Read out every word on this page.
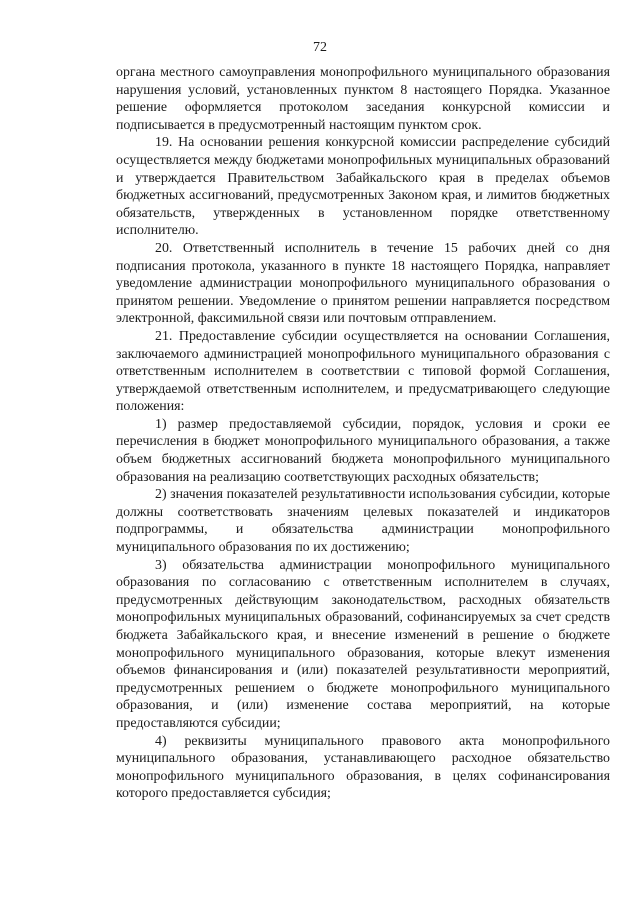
72

органа местного самоуправления монопрофильного муниципального образования нарушения условий, установленных пунктом 8 настоящего Порядка. Указанное решение оформляется протоколом заседания конкурсной комиссии и подписывается в предусмотренный настоящим пунктом срок.

19. На основании решения конкурсной комиссии распределение субсидий осуществляется между бюджетами монопрофильных муниципальных образований и утверждается Правительством Забайкальского края в пределах объемов бюджетных ассигнований, предусмотренных Законом края, и лимитов бюджетных обязательств, утвержденных в установленном порядке ответственному исполнителю.

20. Ответственный исполнитель в течение 15 рабочих дней со дня подписания протокола, указанного в пункте 18 настоящего Порядка, направляет уведомление администрации монопрофильного муниципального образования о принятом решении. Уведомление о принятом решении направляется посредством электронной, факсимильной связи или почтовым отправлением.

21. Предоставление субсидии осуществляется на основании Соглашения, заключаемого администрацией монопрофильного муниципального образования с ответственным исполнителем в соответствии с типовой формой Соглашения, утверждаемой ответственным исполнителем, и предусматривающего следующие положения:

1) размер предоставляемой субсидии, порядок, условия и сроки ее перечисления в бюджет монопрофильного муниципального образования, а также объем бюджетных ассигнований бюджета монопрофильного муниципального образования на реализацию соответствующих расходных обязательств;

2) значения показателей результативности использования субсидии, которые должны соответствовать значениям целевых показателей и индикаторов подпрограммы, и обязательства администрации монопрофильного муниципального образования по их достижению;

3) обязательства администрации монопрофильного муниципального образования по согласованию с ответственным исполнителем в случаях, предусмотренных действующим законодательством, расходных обязательств монопрофильных муниципальных образований, софинансируемых за счет средств бюджета Забайкальского края, и внесение изменений в решение о бюджете монопрофильного муниципального образования, которые влекут изменения объемов финансирования и (или) показателей результативности мероприятий, предусмотренных решением о бюджете монопрофильного муниципального образования, и (или) изменение состава мероприятий, на которые предоставляются субсидии;

4) реквизиты муниципального правового акта монопрофильного муниципального образования, устанавливающего расходное обязательство монопрофильного муниципального образования, в целях софинансирования которого предоставляется субсидия;
